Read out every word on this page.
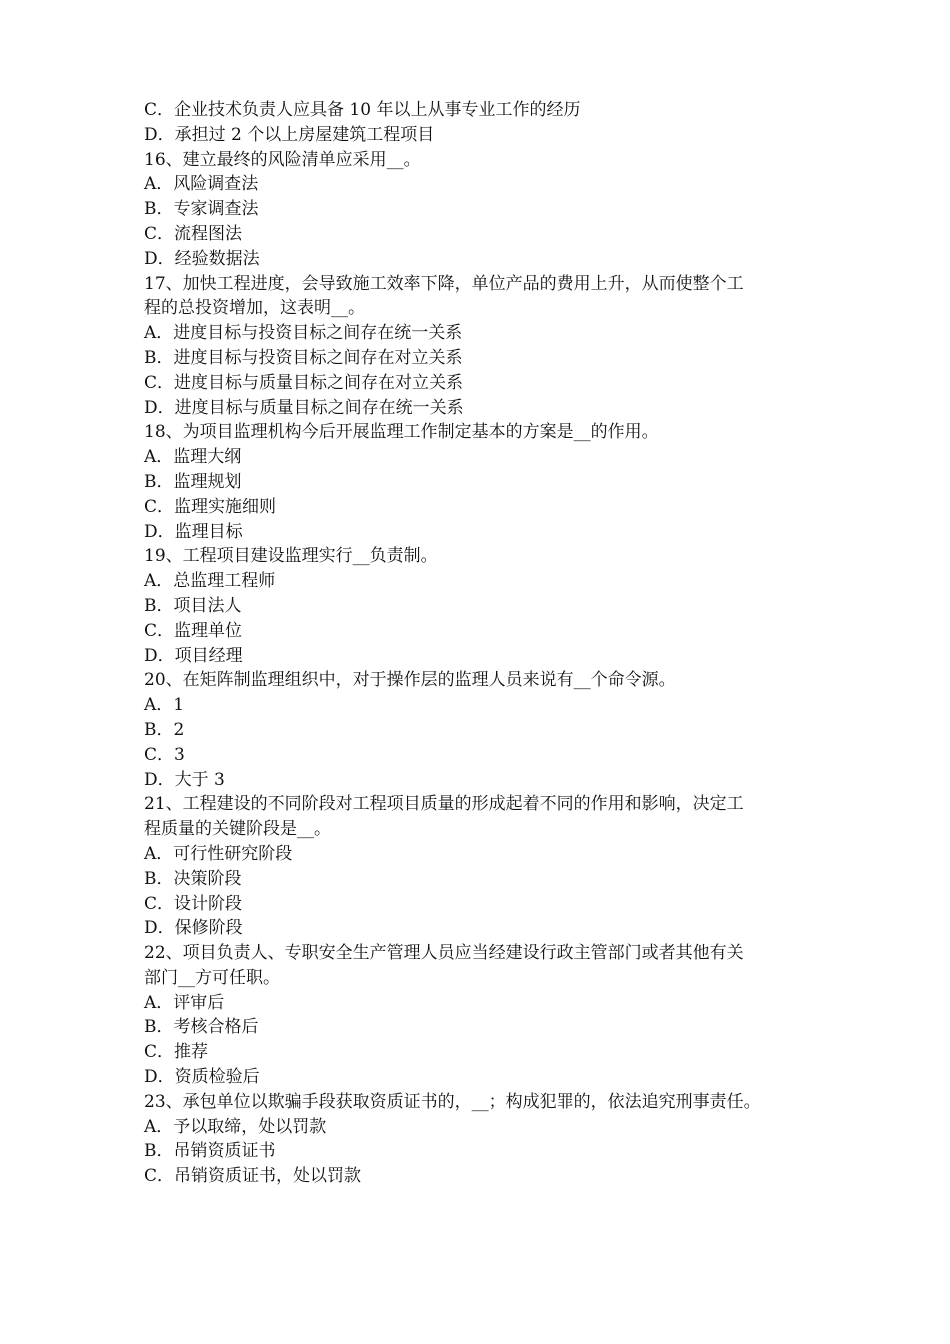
C．企业技术负责人应具备 10 年以上从事专业工作的经历
D．承担过 2 个以上房屋建筑工程项目
16、建立最终的风险清单应采用__。
A．风险调查法
B．专家调查法
C．流程图法
D．经验数据法
17、加快工程进度，会导致施工效率下降，单位产品的费用上升，从而使整个工
程的总投资增加，这表明__。
A．进度目标与投资目标之间存在统一关系
B．进度目标与投资目标之间存在对立关系
C．进度目标与质量目标之间存在对立关系
D．进度目标与质量目标之间存在统一关系
18、为项目监理机构今后开展监理工作制定基本的方案是__的作用。
A．监理大纲
B．监理规划
C．监理实施细则
D．监理目标
19、工程项目建设监理实行__负责制。
A．总监理工程师
B．项目法人
C．监理单位
D．项目经理
20、在矩阵制监理组织中，对于操作层的监理人员来说有__个命令源。
A．1
B．2
C．3
D．大于 3
21、工程建设的不同阶段对工程项目质量的形成起着不同的作用和影响，决定工
程质量的关键阶段是__。
A．可行性研究阶段
B．决策阶段
C．设计阶段
D．保修阶段
22、项目负责人、专职安全生产管理人员应当经建设行政主管部门或者其他有关
部门__方可任职。
A．评审后
B．考核合格后
C．推荐
D．资质检验后
23、承包单位以欺骗手段获取资质证书的，__；构成犯罪的，依法追究刑事责任。
A．予以取缔，处以罚款
B．吊销资质证书
C．吊销资质证书，处以罚款
